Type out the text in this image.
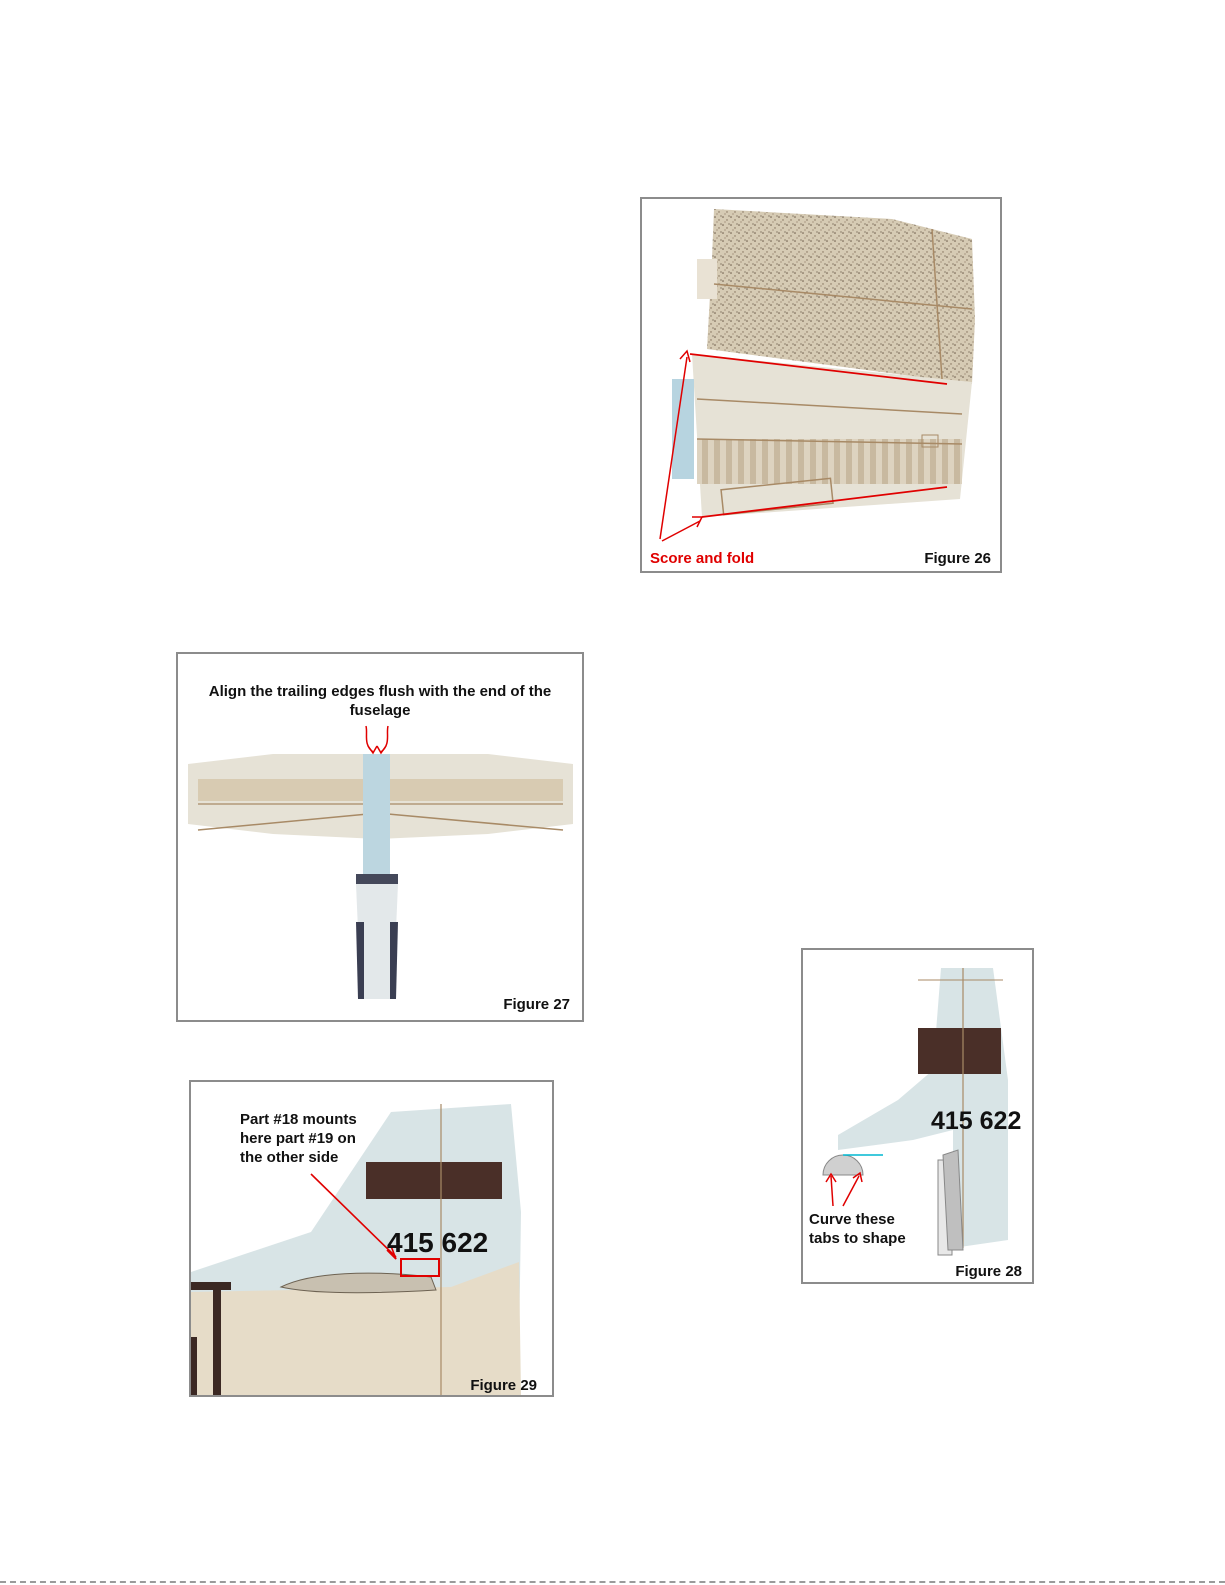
Score and fold	Figure 26
Align the trailing edges flush with the end of the fuselage
Figure 27
415 622
Curve these tabs to shape
Figure 28
415 622
Part #18 mounts here part #19 on the other side
Figure 29
